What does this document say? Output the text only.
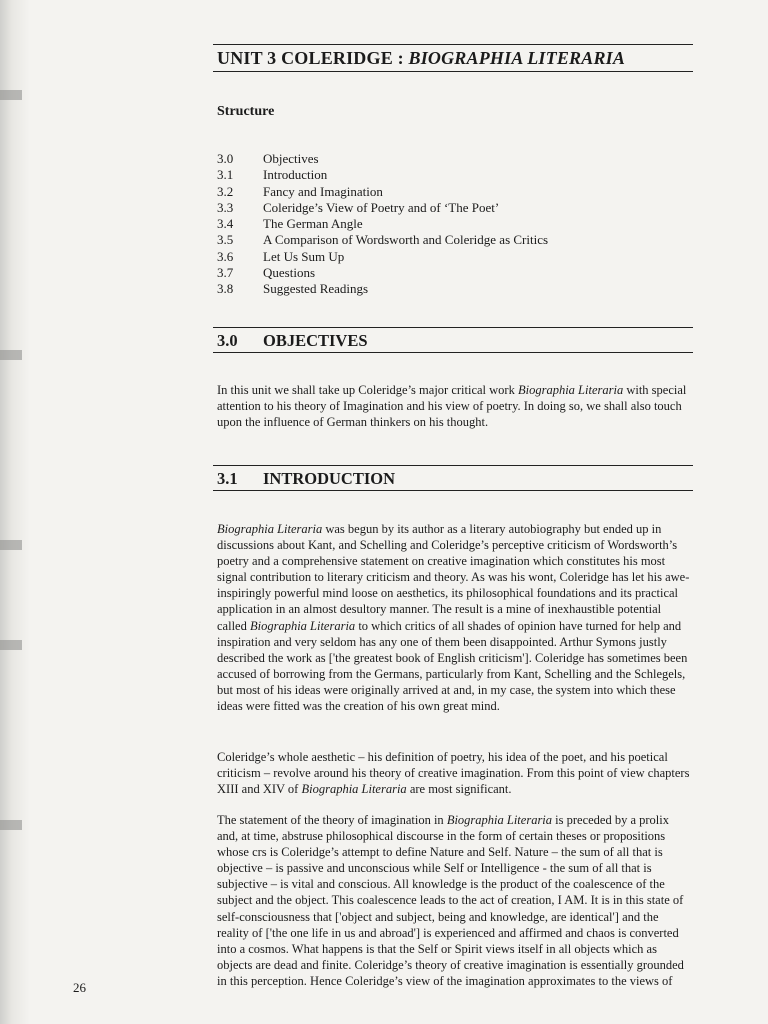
UNIT 3 COLERIDGE : BIOGRAPHIA LITERARIA
Structure
3.0 Objectives
3.1 Introduction
3.2 Fancy and Imagination
3.3 Coleridge’s View of Poetry and of ‘The Poet’
3.4 The German Angle
3.5 A Comparison of Wordsworth and Coleridge as Critics
3.6 Let Us Sum Up
3.7 Questions
3.8 Suggested Readings
3.0 OBJECTIVES

In this unit we shall take up Coleridge’s major critical work Biographia Literaria with special attention to his theory of Imagination and his view of poetry. In doing so, we shall also touch upon the influence of German thinkers on his thought.

3.1 INTRODUCTION

Biographia Literaria was begun by its author as a literary autobiography but ended up in discussions about Kant, and Schelling and Coleridge’s perceptive criticism of Wordsworth’s poetry and a comprehensive statement on creative imagination which constitutes his most signal contribution to literary criticism and theory. As was his wont, Coleridge has let his awe-inspiringly powerful mind loose on aesthetics, its philosophical foundations and its practical application in an almost desultory manner. The result is a mine of inexhaustible potential called Biographia Literaria to which critics of all shades of opinion have turned for help and inspiration and very seldom has any one of them been disappointed. Arthur Symons justly described the work as ['the greatest book of English criticism']. Coleridge has sometimes been accused of borrowing from the Germans, particularly from Kant, Schelling and the Schlegels, but most of his ideas were originally arrived at and, in my case, the system into which these ideas were fitted was the creation of his own great mind.

Coleridge’s whole aesthetic – his definition of poetry, his idea of the poet, and his poetical criticism – revolve around his theory of creative imagination. From this point of view chapters XIII and XIV of Biographia Literaria are most significant.

The statement of the theory of imagination in Biographia Literaria is preceded by a prolix and, at time, abstruse philosophical discourse in the form of certain theses or propositions whose crs is Coleridge’s attempt to define Nature and Self. Nature – the sum of all that is objective – is passive and unconscious while Self or Intelligence - the sum of all that is subjective – is vital and conscious. All knowledge is the product of the coalescence of the subject and the object. This coalescence leads to the act of creation, I AM. It is in this state of self-consciousness that ['object and subject, being and knowledge, are identical'] and the reality of ['the one life in us and abroad'] is experienced and affirmed and chaos is converted into a cosmos. What happens is that the Self or Spirit views itself in all objects which as objects are dead and finite. Coleridge’s theory of creative imagination is essentially grounded in this perception. Hence Coleridge’s view of the imagination approximates to the views of

26
